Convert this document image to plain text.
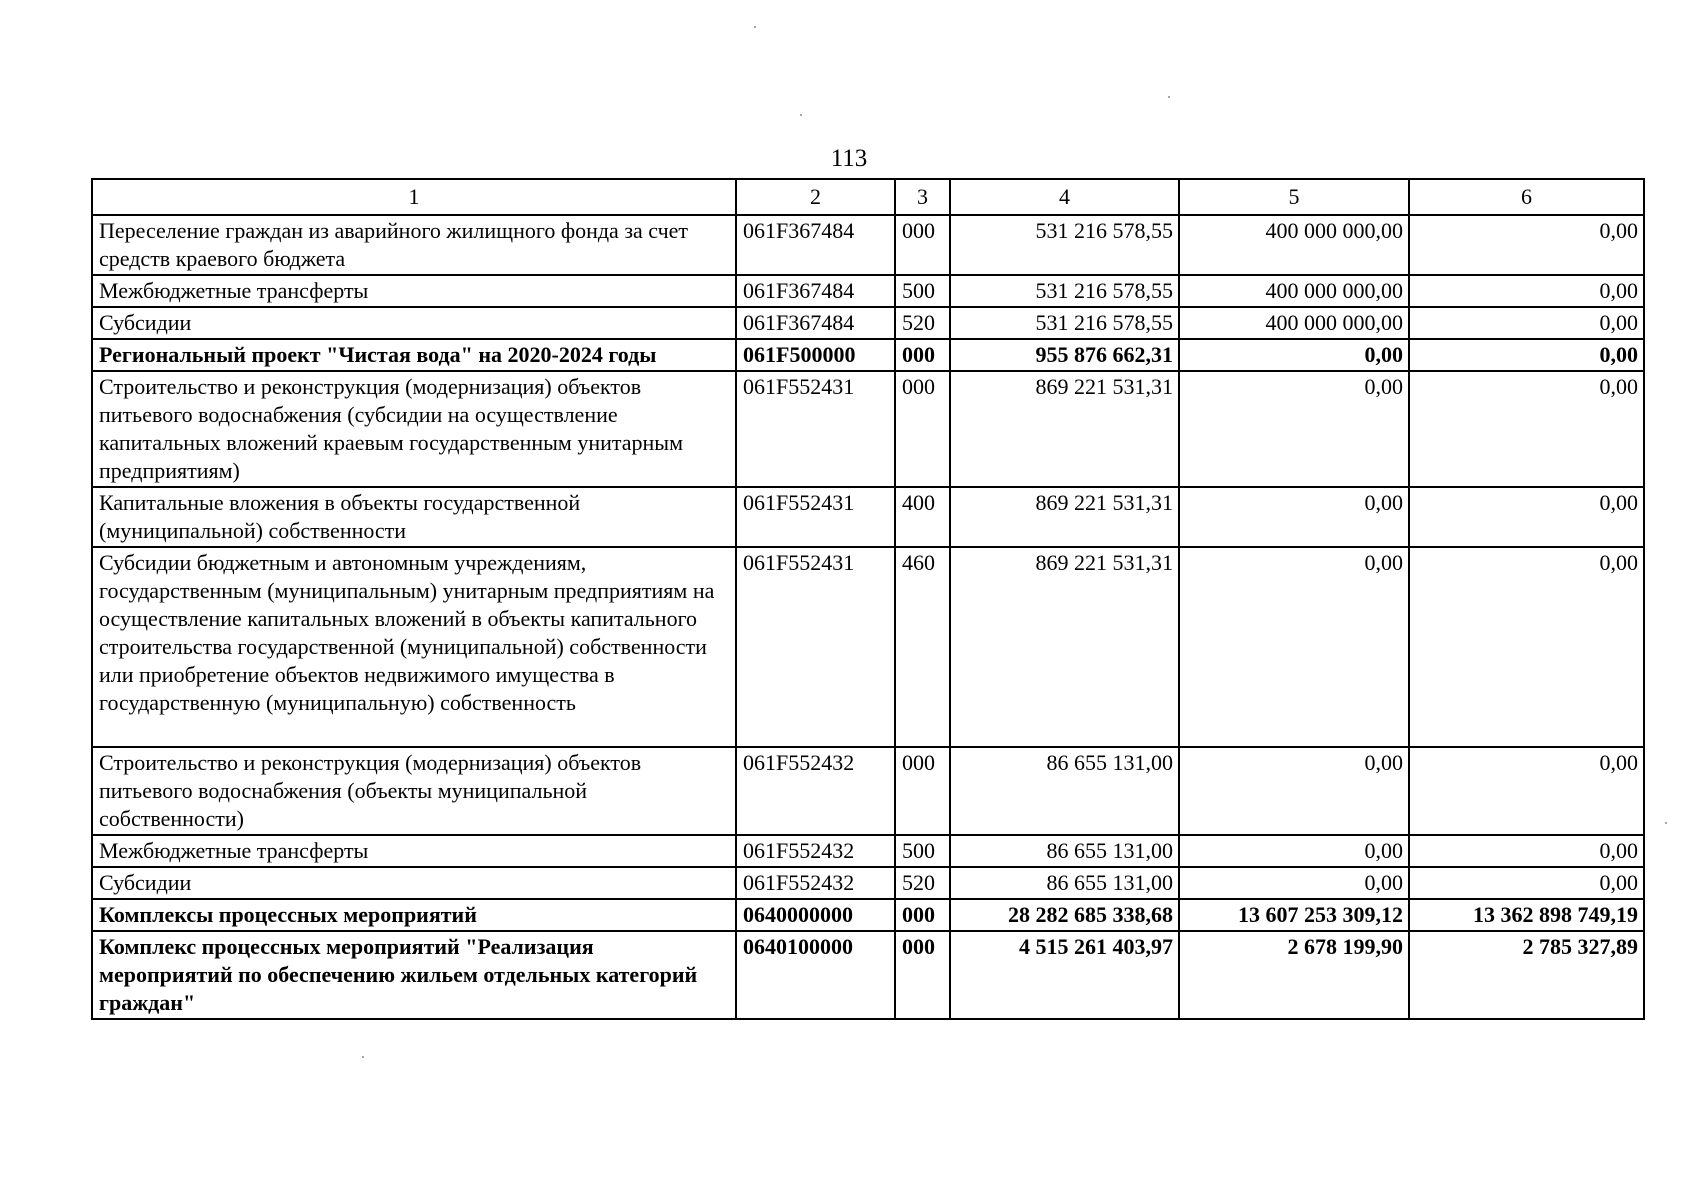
113
1	2	3	4	5	6
Переселение граждан из аварийного жилищного фонда за счет средств краевого бюджета	061F367484	000	531 216 578,55	400 000 000,00	0,00
Межбюджетные трансферты	061F367484	500	531 216 578,55	400 000 000,00	0,00
Субсидии	061F367484	520	531 216 578,55	400 000 000,00	0,00
Региональный проект "Чистая вода" на 2020-2024 годы	061F500000	000	955 876 662,31	0,00	0,00
Строительство и реконструкция (модернизация) объектов питьевого водоснабжения (субсидии на осуществление капитальных вложений краевым государственным унитарным предприятиям)	061F552431	000	869 221 531,31	0,00	0,00
Капитальные вложения в объекты государственной (муниципальной) собственности	061F552431	400	869 221 531,31	0,00	0,00
Субсидии бюджетным и автономным учреждениям, государственным (муниципальным) унитарным предприятиям на осуществление капитальных вложений в объекты капитального строительства государственной (муниципальной) собственности или приобретение объектов недвижимого имущества в государственную (муниципальную) собственность	061F552431	460	869 221 531,31	0,00	0,00
Строительство и реконструкция (модернизация) объектов питьевого водоснабжения (объекты муниципальной собственности)	061F552432	000	86 655 131,00	0,00	0,00
Межбюджетные трансферты	061F552432	500	86 655 131,00	0,00	0,00
Субсидии	061F552432	520	86 655 131,00	0,00	0,00
Комплексы процессных мероприятий	0640000000	000	28 282 685 338,68	13 607 253 309,12	13 362 898 749,19
Комплекс процессных мероприятий "Реализация мероприятий по обеспечению жильем отдельных категорий граждан"	0640100000	000	4 515 261 403,97	2 678 199,90	2 785 327,89
